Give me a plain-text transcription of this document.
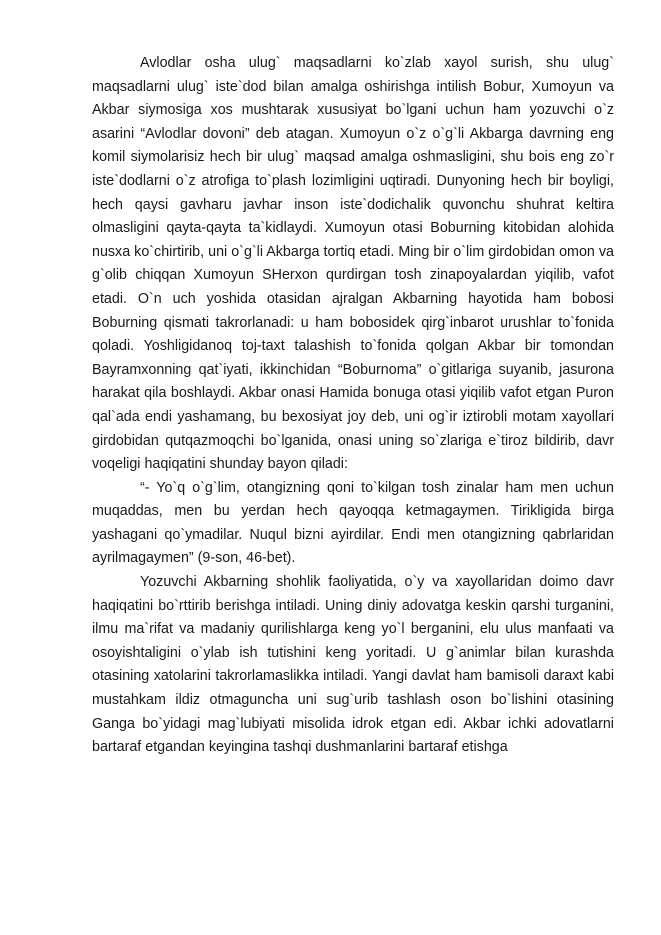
Avlodlar osha ulug` maqsadlarni ko`zlab xayol surish, shu ulug` maqsadlarni ulug` iste`dod bilan amalga oshirishga intilish Bobur, Xumoyun va Akbar siymosiga xos mushtarak xususiyat bo`lgani uchun ham yozuvchi o`z asarini “Avlodlar dovoni” deb atagan. Xumoyun o`z o`g`li Akbarga davrning eng komil siymolarisiz hech bir ulug` maqsad amalga oshmasligini, shu bois eng zo`r iste`dodlarni o`z atrofiga to`plash lozimligini uqtiradi. Dunyoning hech bir boyligi, hech qaysi gavharu javhar inson iste`dodichalik quvonchu shuhrat keltira olmasligini qayta-qayta ta`kidlaydi. Xumoyun otasi Boburning kitobidan alohida nusxa ko`chirtirib, uni o`g`li Akbarga tortiq etadi. Ming bir o`lim girdobidan omon va g`olib chiqqan Xumoyun SHerxon qurdirgan tosh zinapoyalardan yiqilib, vafot etadi. O`n uch yoshida otasidan ajralgan Akbarning hayotida ham bobosi Boburning qismati takrorlanadi: u ham bobosidek qirg`inbarot urushlar to`fonida qoladi. Yoshligidanoq toj-taxt talashish to`fonida qolgan Akbar bir tomondan Bayramxonning qat`iyati, ikkinchidan “Boburnoma” o`gitlariga suyanib, jasurona harakat qila boshlaydi. Akbar onasi Hamida bonuga otasi yiqilib vafot etgan Puron qal`ada endi yashamang, bu bexosiyat joy deb, uni og`ir iztirobli motam xayollari girdobidan qutqazmoqchi bo`lganida, onasi uning so`zlariga e`tiroz bildirib, davr voqeligi haqiqatini shunday bayon qiladi:

“- Yo`q o`g`lim, otangizning qoni to`kilgan tosh zinalar ham men uchun muqaddas, men bu yerdan hech qayoqqa ketmagaymen. Tirikligida birga yashagani qo`ymadilar. Nuqul bizni ayirdilar. Endi men otangizning qabrlaridan ayrilmagaymen” (9-son, 46-bet).

Yozuvchi Akbarning shohlik faoliyatida, o`y va xayollaridan doimo davr haqiqatini bo`rttirib berishga intiladi. Uning diniy adovatga keskin qarshi turganini, ilmu ma`rifat va madaniy qurilishlarga keng yo`l berganini, elu ulus manfaati va osoyishtaligini o`ylab ish tutishini keng yoritadi. U g`animlar bilan kurashda otasining xatolarini takrorlamaslikka intiladi. Yangi davlat ham bamisoli daraxt kabi mustahkam ildiz otmaguncha uni sug`urib tashlash oson bo`lishini otasining Ganga bo`yidagi mag`lubiyati misolida idrok etgan edi. Akbar ichki adovatlarni bartaraf etgandan keyingina tashqi dushmanlarini bartaraf etishga
